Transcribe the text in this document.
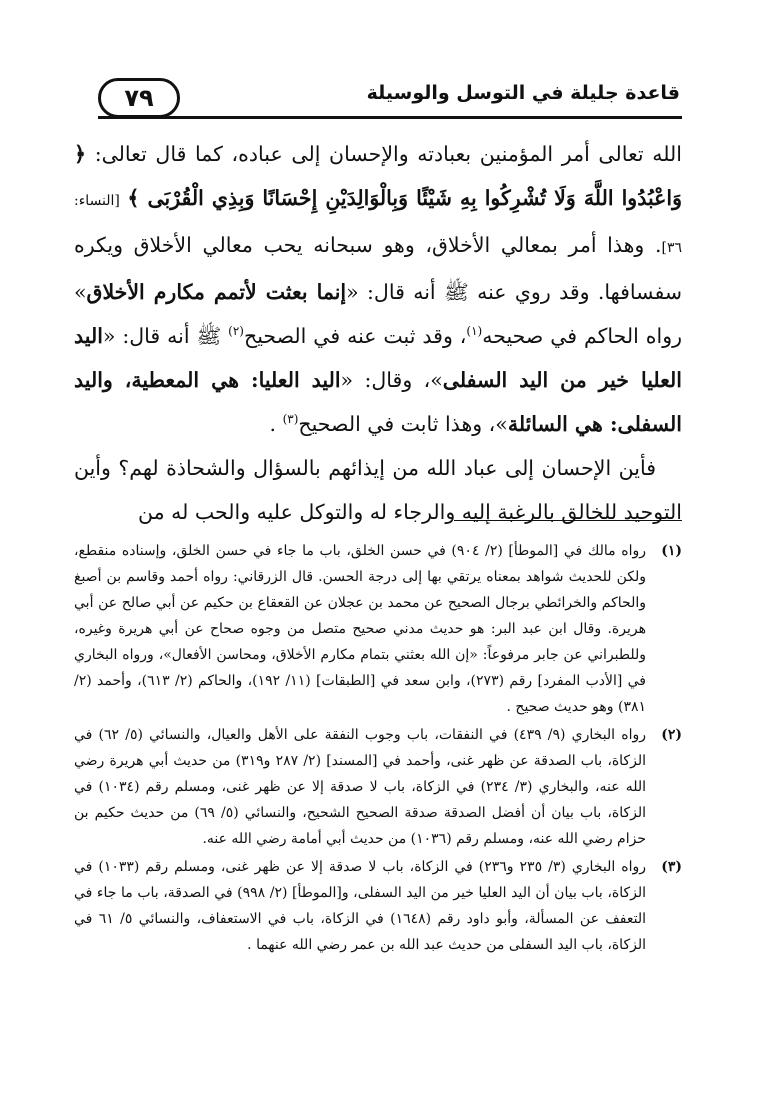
٧٩	قاعدة جليلة في التوسل والوسيلة

الله تعالى أمر المؤمنين بعبادته والإحسان إلى عباده، كما قال تعالى: ﴿ وَاعْبُدُوا اللَّهَ وَلَا تُشْرِكُوا بِهِ شَيْئًا وَبِالْوَالِدَيْنِ إِحْسَانًا وَبِذِي الْقُرْبَى ﴾ [النساء: ٣٦]. وهذا أمر بمعالي الأخلاق، وهو سبحانه يحب معالي الأخلاق ويكره سفسافها. وقد روي عنه ﷺ أنه قال: «إنما بعثت لأتمم مكارم الأخلاق» رواه الحاكم في صحيحه$^{(١)}$، وقد ثبت عنه في الصحيح$^{(٢)}$ ﷺ أنه قال: «اليد العليا خير من اليد السفلى»، وقال: «اليد العليا: هي المعطية، واليد السفلى: هي السائلة»، وهذا ثابت في الصحيح$^{(٣)}$ .

فأين الإحسان إلى عباد الله من إيذائهم بالسؤال والشحاذة لهم؟ وأين التوحيد للخالق بالرغبة إليه والرجاء له والتوكل عليه والحب له من

(١)
رواه مالك في [الموطأ] (٢/ ٩٠٤) في حسن الخلق، باب ما جاء في حسن الخلق، وإسناده منقطع، ولكن للحديث شواهد بمعناه يرتقي بها إلى درجة الحسن. قال الزرقاني: رواه أحمد وقاسم بن أصبغ والحاكم والخرائطي برجال الصحيح عن محمد بن عجلان عن القعقاع بن حكيم عن أبي صالح عن أبي هريرة. وقال ابن عبد البر: هو حديث مدني صحيح متصل من وجوه صحاح عن أبي هريرة وغيره، وللطبراني عن جابر مرفوعاً: «إن الله بعثني بتمام مكارم الأخلاق، ومحاسن الأفعال»، ورواه البخاري في [الأدب المفرد] رقم (٢٧٣)، وابن سعد في [الطبقات] (١١/ ١٩٢)، والحاكم (٢/ ٦١٣)، وأحمد (٢/ ٣٨١) وهو حديث صحيح .
(٢)
رواه البخاري (٩/ ٤٣٩) في النفقات، باب وجوب النفقة على الأهل والعيال، والنسائي (٥/ ٦٢) في الزكاة، باب الصدقة عن ظهر غنى، وأحمد في [المسند] (٢/ ٢٨٧ و٣١٩) من حديث أبي هريرة رضي الله عنه، والبخاري (٣/ ٢٣٤) في الزكاة، باب لا صدقة إلا عن ظهر غنى، ومسلم رقم (١٠٣٤) في الزكاة، باب بيان أن أفضل الصدقة صدقة الصحيح الشحيح، والنسائي (٥/ ٦٩) من حديث حكيم بن حزام رضي الله عنه، ومسلم رقم (١٠٣٦) من حديث أبي أمامة رضي الله عنه.
(٣)
رواه البخاري (٣/ ٢٣٥ و٢٣٦) في الزكاة، باب لا صدقة إلا عن ظهر غنى، ومسلم رقم (١٠٣٣) في الزكاة، باب بيان أن اليد العليا خير من اليد السفلى، و[الموطأ] (٢/ ٩٩٨) في الصدقة، باب ما جاء في التعفف عن المسألة، وأبو داود رقم (١٦٤٨) في الزكاة، باب في الاستعفاف، والنسائي ٥/ ٦١ في الزكاة، باب اليد السفلى من حديث عبد الله بن عمر رضي الله عنهما .
